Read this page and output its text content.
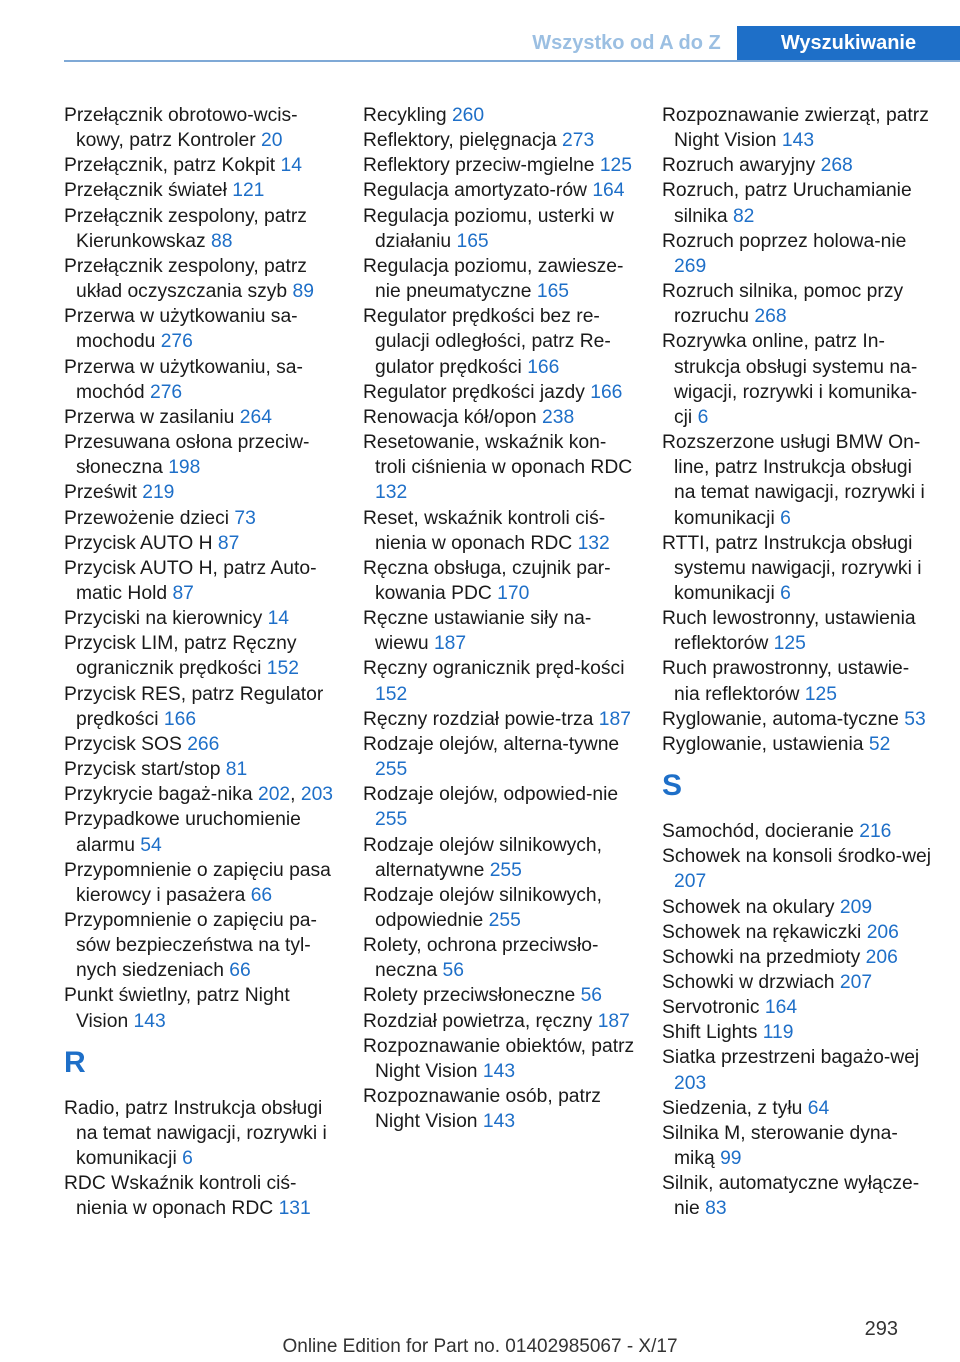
Wszystko od A do Z	Wyszukiwanie
Przełącznik obrotowo-wcis-kowy, patrz Kontroler 20
Przełącznik, patrz Kokpit 14
Przełącznik świateł 121
Przełącznik zespolony, patrz Kierunkowskaz 88
Przełącznik zespolony, patrz układ oczyszczania szyb 89
Przerwa w użytkowaniu sa-mochodu 276
Przerwa w użytkowaniu, sa-mochód 276
Przerwa w zasilaniu 264
Przesuwana osłona przeciw-słoneczna 198
Prześwit 219
Przewożenie dzieci 73
Przycisk AUTO H 87
Przycisk AUTO H, patrz Auto-matic Hold 87
Przyciski na kierownicy 14
Przycisk LIM, patrz Ręczny ogranicznik prędkości 152
Przycisk RES, patrz Regulator prędkości 166
Przycisk SOS 266
Przycisk start/stop 81
Przykrycie bagaż-nika 202, 203
Przypadkowe uruchomienie alarmu 54
Przypomnienie o zapięciu pasa kierowcy i pasażera 66
Przypomnienie o zapięciu pa-sów bezpieczeństwa na tyl-nych siedzeniach 66
Punkt świetlny, patrz Night Vision 143
R
Radio, patrz Instrukcja obsługi na temat nawigacji, rozrywki i komunikacji 6
RDC Wskaźnik kontroli ciś-nienia w oponach RDC 131
Recykling 260
Reflektory, pielęgnacja 273
Reflektory przeciw-mgielne 125
Regulacja amortyzato-rów 164
Regulacja poziomu, usterki w działaniu 165
Regulacja poziomu, zawiesze-nie pneumatyczne 165
Regulator prędkości bez re-gulacji odległości, patrz Re-gulator prędkości 166
Regulator prędkości jazdy 166
Renowacja kół/opon 238
Resetowanie, wskaźnik kon-troli ciśnienia w oponach RDC 132
Reset, wskaźnik kontroli ciś-nienia w oponach RDC 132
Ręczna obsługa, czujnik par-kowania PDC 170
Ręczne ustawianie siły na-wiewu 187
Ręczny ogranicznik pręd-kości 152
Ręczny rozdział powie-trza 187
Rodzaje olejów, alterna-tywne 255
Rodzaje olejów, odpowied-nie 255
Rodzaje olejów silnikowych, alternatywne 255
Rodzaje olejów silnikowych, odpowiednie 255
Rolety, ochrona przeciwsło-neczna 56
Rolety przeciwsłoneczne 56
Rozdział powietrza, ręczny 187
Rozpoznawanie obiektów, patrz Night Vision 143
Rozpoznawanie osób, patrz Night Vision 143
Rozpoznawanie zwierząt, patrz Night Vision 143
Rozruch awaryjny 268
Rozruch, patrz Uruchamianie silnika 82
Rozruch poprzez holowa-nie 269
Rozruch silnika, pomoc przy rozruchu 268
Rozrywka online, patrz In-strukcja obsługi systemu na-wigacji, rozrywki i komunika-cji 6
Rozszerzone usługi BMW On-line, patrz Instrukcja obsługi na temat nawigacji, rozrywki i komunikacji 6
RTTI, patrz Instrukcja obsługi systemu nawigacji, rozrywki i komunikacji 6
Ruch lewostronny, ustawienia reflektorów 125
Ruch prawostronny, ustawie-nia reflektorów 125
Ryglowanie, automa-tyczne 53
Ryglowanie, ustawienia 52
S
Samochód, docieranie 216
Schowek na konsoli środko-wej 207
Schowek na okulary 209
Schowek na rękawiczki 206
Schowki na przedmioty 206
Schowki w drzwiach 207
Servotronic 164
Shift Lights 119
Siatka przestrzeni bagażo-wej 203
Siedzenia, z tyłu 64
Silnika M, sterowanie dyna-miką 99
Silnik, automatyczne wyłącze-nie 83
293
Online Edition for Part no. 01402985067 - X/17
